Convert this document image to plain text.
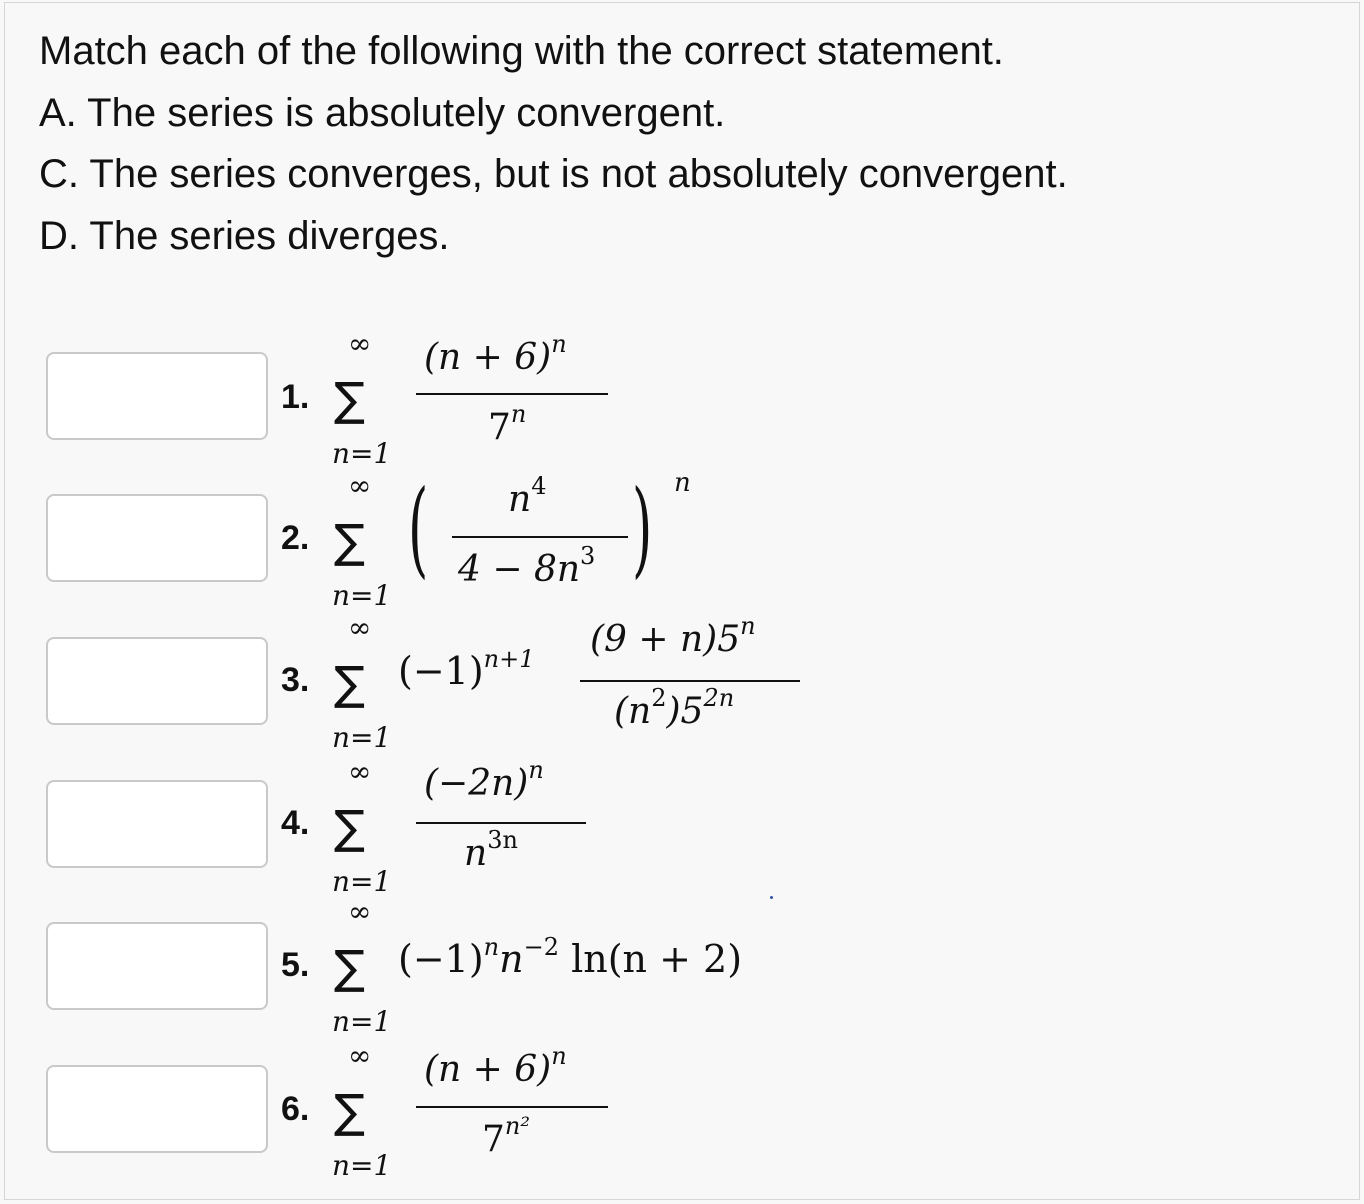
Match each of the following with the correct statement.
A. The series is absolutely convergent.
C. The series converges, but is not absolutely convergent.
D. The series diverges.
1.
∞
∑
n=1
$(n + 6)^n$
7$^n$
2.
∞
∑
n=1
( $n^4$
$4 - 8n^3$ ) n
3.
∞
∑
n=1
$(-1)^{n+1}$ $(9 + n)5^n$
$(n^2)5^{2n}$
4.
∞
∑
n=1
$(-2n)^n$
$n^{3n}$
5.
∞
∑
n=1
$(-1)^nn^{-2}$ ln(n + 2)
6.
∞
∑
n=1
$(n + 6)^n$
$7^{n^2}$
